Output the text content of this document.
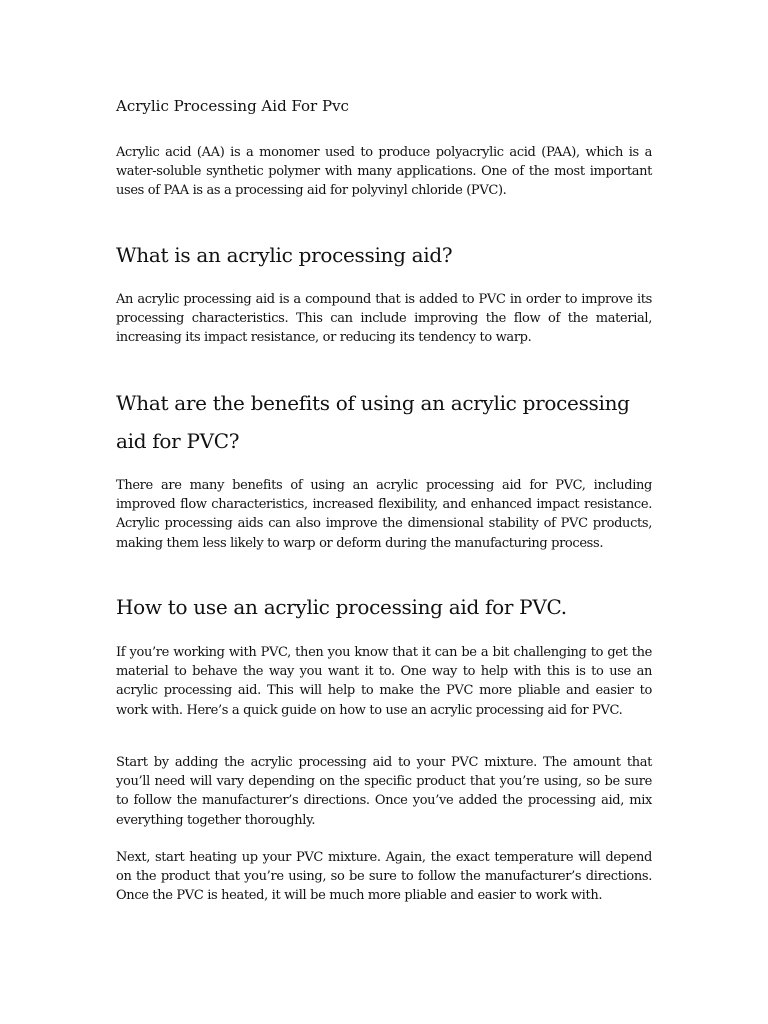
Acrylic Processing Aid For Pvc

Acrylic acid (AA) is a monomer used to produce polyacrylic acid (PAA), which is a water-soluble synthetic polymer with many applications. One of the most important uses of PAA is as a processing aid for polyvinyl chloride (PVC).

What is an acrylic processing aid?

An acrylic processing aid is a compound that is added to PVC in order to improve its processing characteristics. This can include improving the flow of the material, increasing its impact resistance, or reducing its tendency to warp.

What are the benefits of using an acrylic processing aid for PVC?

There are many benefits of using an acrylic processing aid for PVC, including improved flow characteristics, increased flexibility, and enhanced impact resistance. Acrylic processing aids can also improve the dimensional stability of PVC products, making them less likely to warp or deform during the manufacturing process.

How to use an acrylic processing aid for PVC.

If you’re working with PVC, then you know that it can be a bit challenging to get the material to behave the way you want it to. One way to help with this is to use an acrylic processing aid. This will help to make the PVC more pliable and easier to work with. Here’s a quick guide on how to use an acrylic processing aid for PVC.

Start by adding the acrylic processing aid to your PVC mixture. The amount that you’ll need will vary depending on the specific product that you’re using, so be sure to follow the manufacturer’s directions. Once you’ve added the processing aid, mix everything together thoroughly.

Next, start heating up your PVC mixture. Again, the exact temperature will depend on the product that you’re using, so be sure to follow the manufacturer’s directions. Once the PVC is heated, it will be much more pliable and easier to work with.
